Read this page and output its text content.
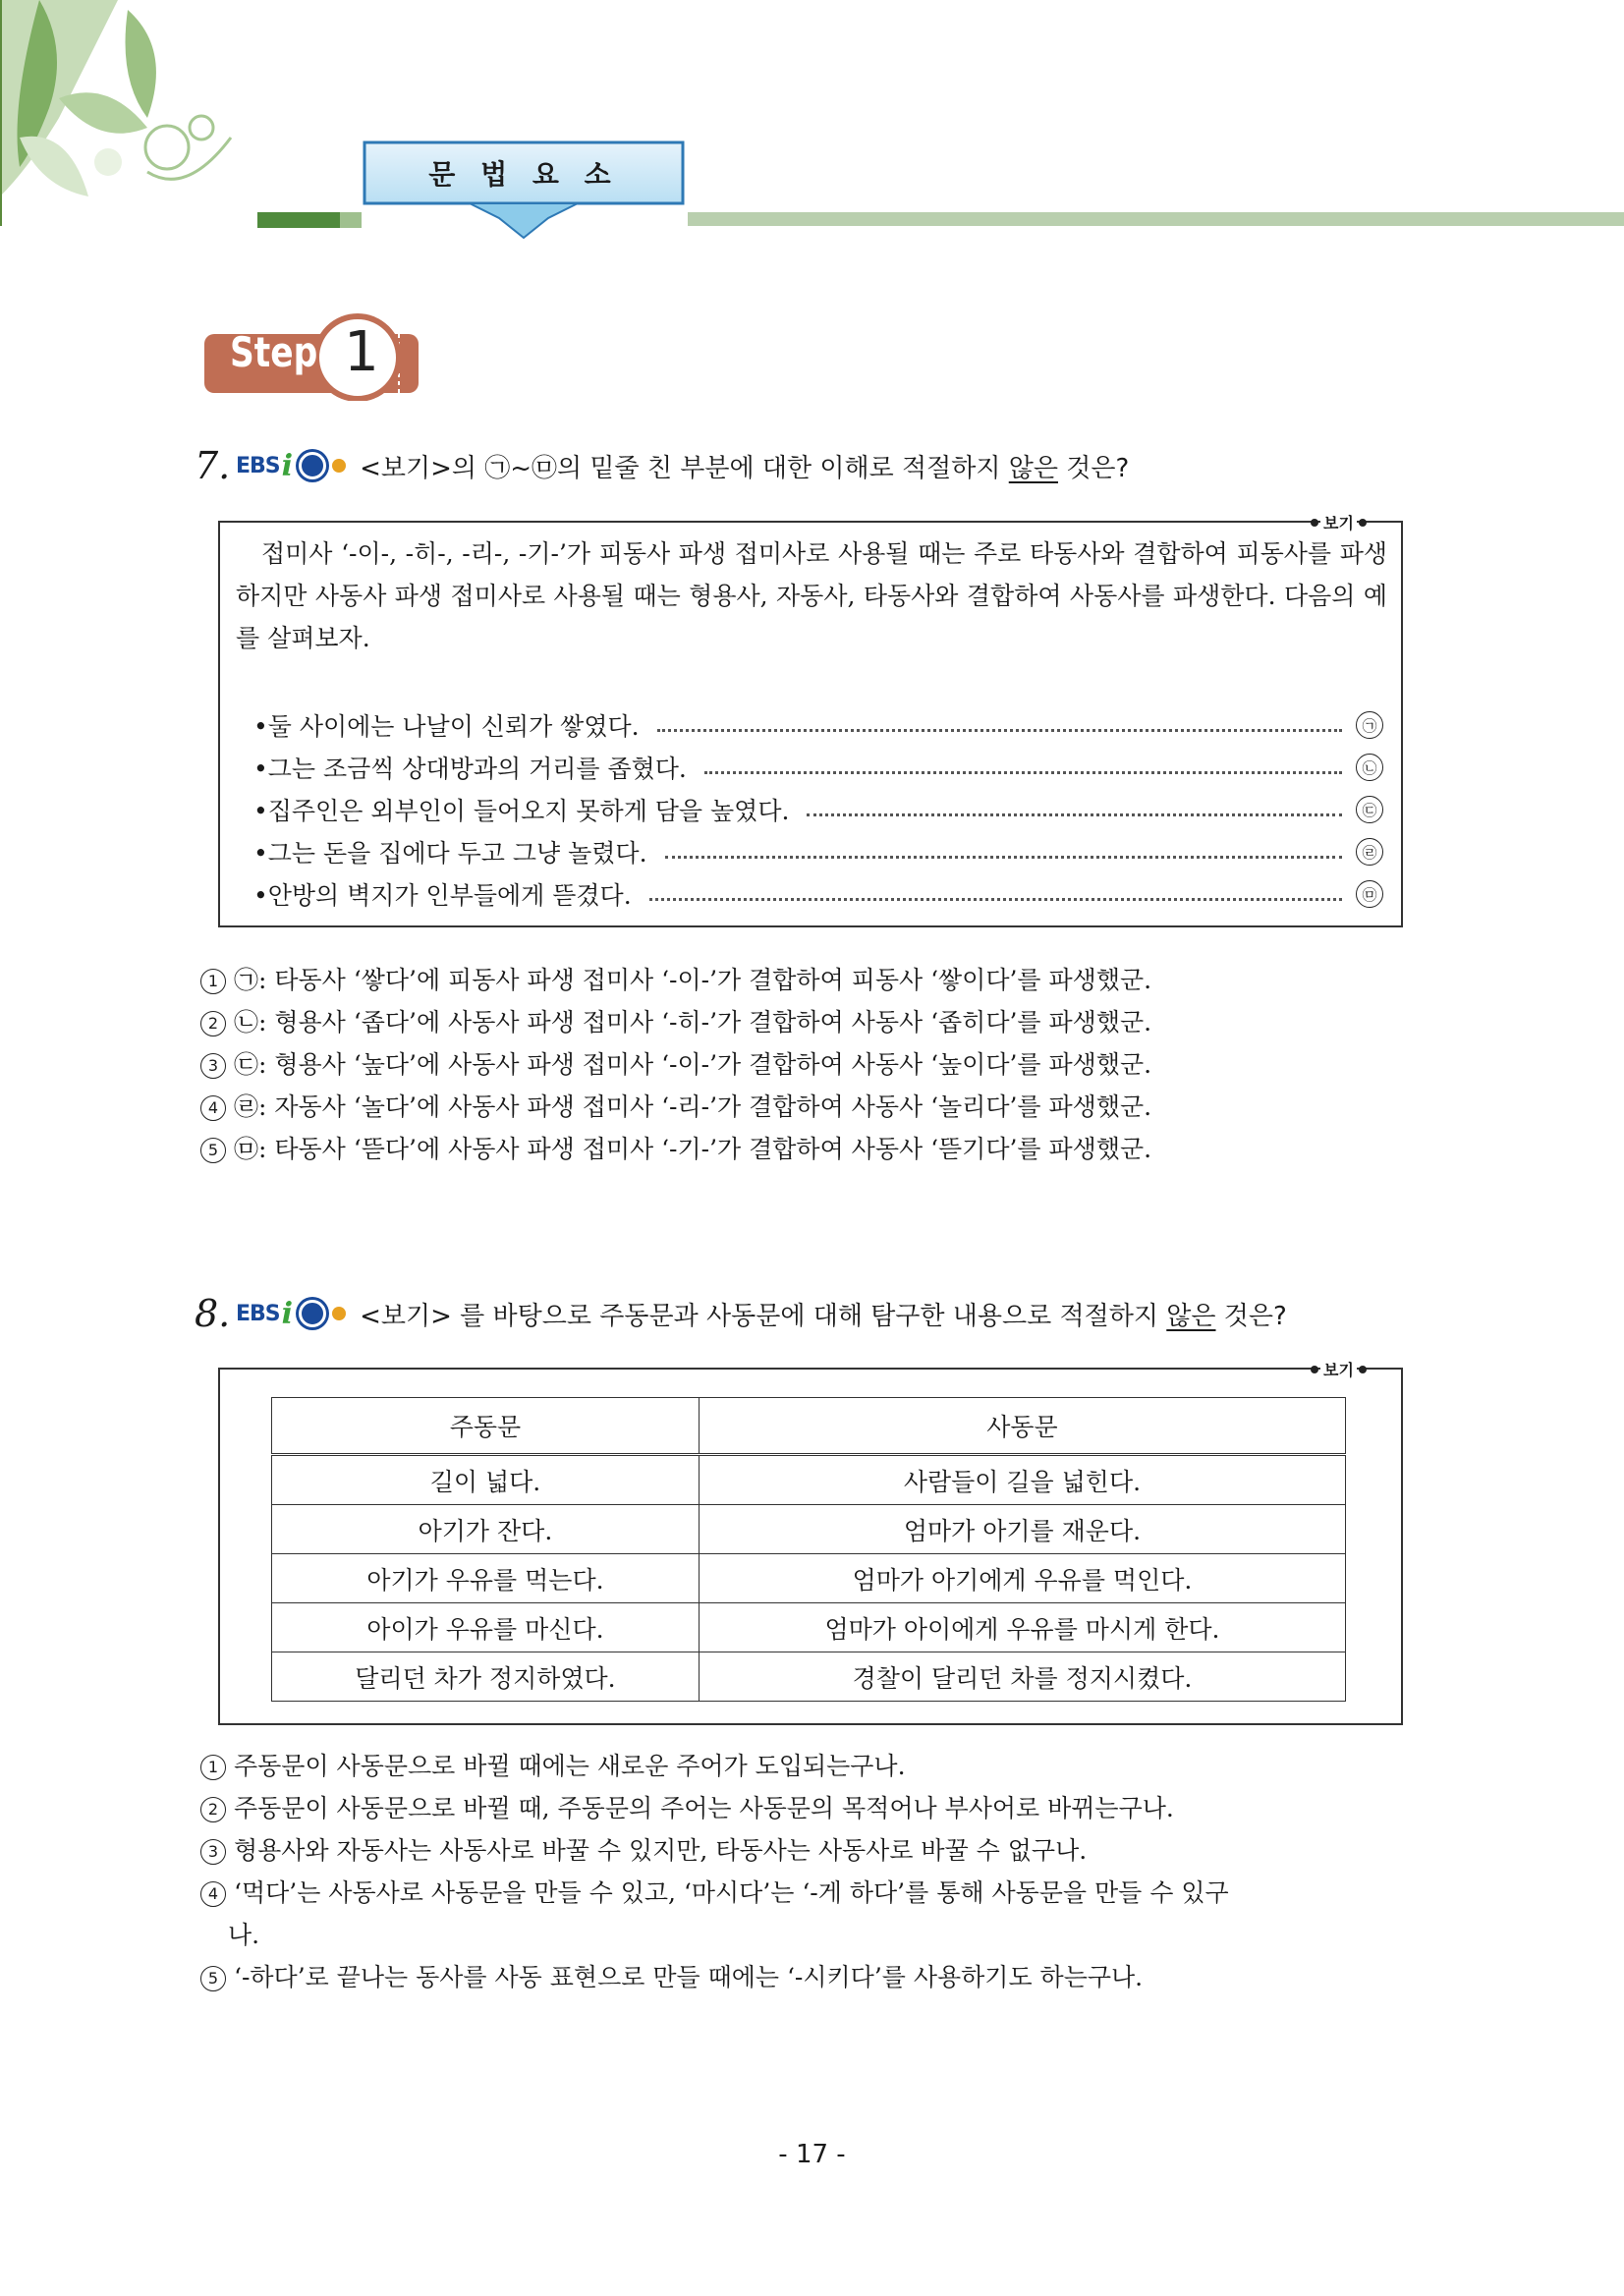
문 법 요 소
Step 1
7. EBS i	<보기>의 ㉠~㉤의 밑줄 친 부분에 대한 이해로 적절하지 않은 것은?
보기
접미사 ‘-이-, -히-, -리-, -기-’가 피동사 파생 접미사로 사용될 때는 주로 타동사와 결합하여 피동사를 파생하지만 사동사 파생 접미사로 사용될 때는 형용사, 자동사, 타동사와 결합하여 사동사를 파생한다. 다음의 예를 살펴보자.
•둘 사이에는 나날이 신뢰가 쌓였다.	㉠
•그는 조금씩 상대방과의 거리를 좁혔다.	㉡
•집주인은 외부인이 들어오지 못하게 담을 높였다.	㉢
•그는 돈을 집에다 두고 그냥 놀렸다.	㉣
•안방의 벽지가 인부들에게 뜯겼다.	㉤
1 ㉠: 타동사 ‘쌓다’에 피동사 파생 접미사 ‘-이-’가 결합하여 피동사 ‘쌓이다’를 파생했군.
2 ㉡: 형용사 ‘좁다’에 사동사 파생 접미사 ‘-히-’가 결합하여 사동사 ‘좁히다’를 파생했군.
3 ㉢: 형용사 ‘높다’에 사동사 파생 접미사 ‘-이-’가 결합하여 사동사 ‘높이다’를 파생했군.
4 ㉣: 자동사 ‘놀다’에 사동사 파생 접미사 ‘-리-’가 결합하여 사동사 ‘놀리다’를 파생했군.
5 ㉤: 타동사 ‘뜯다’에 사동사 파생 접미사 ‘-기-’가 결합하여 사동사 ‘뜯기다’를 파생했군.
8. EBS i	<보기> 를 바탕으로 주동문과 사동문에 대해 탐구한 내용으로 적절하지 않은 것은?
보기
주동문	사동문
길이 넓다.	사람들이 길을 넓힌다.
아기가 잔다.	엄마가 아기를 재운다.
아기가 우유를 먹는다.	엄마가 아기에게 우유를 먹인다.
아이가 우유를 마신다.	엄마가 아이에게 우유를 마시게 한다.
달리던 차가 정지하였다.	경찰이 달리던 차를 정지시켰다.
1 주동문이 사동문으로 바뀔 때에는 새로운 주어가 도입되는구나.
2 주동문이 사동문으로 바뀔 때, 주동문의 주어는 사동문의 목적어나 부사어로 바뀌는구나.
3 형용사와 자동사는 사동사로 바꿀 수 있지만, 타동사는 사동사로 바꿀 수 없구나.
4 ‘먹다’는 사동사로 사동문을 만들 수 있고, ‘마시다’는 ‘-게 하다’를 통해 사동문을 만들 수 있구
나.
5 ‘-하다’로 끝나는 동사를 사동 표현으로 만들 때에는 ‘-시키다’를 사용하기도 하는구나.
- 17 -
